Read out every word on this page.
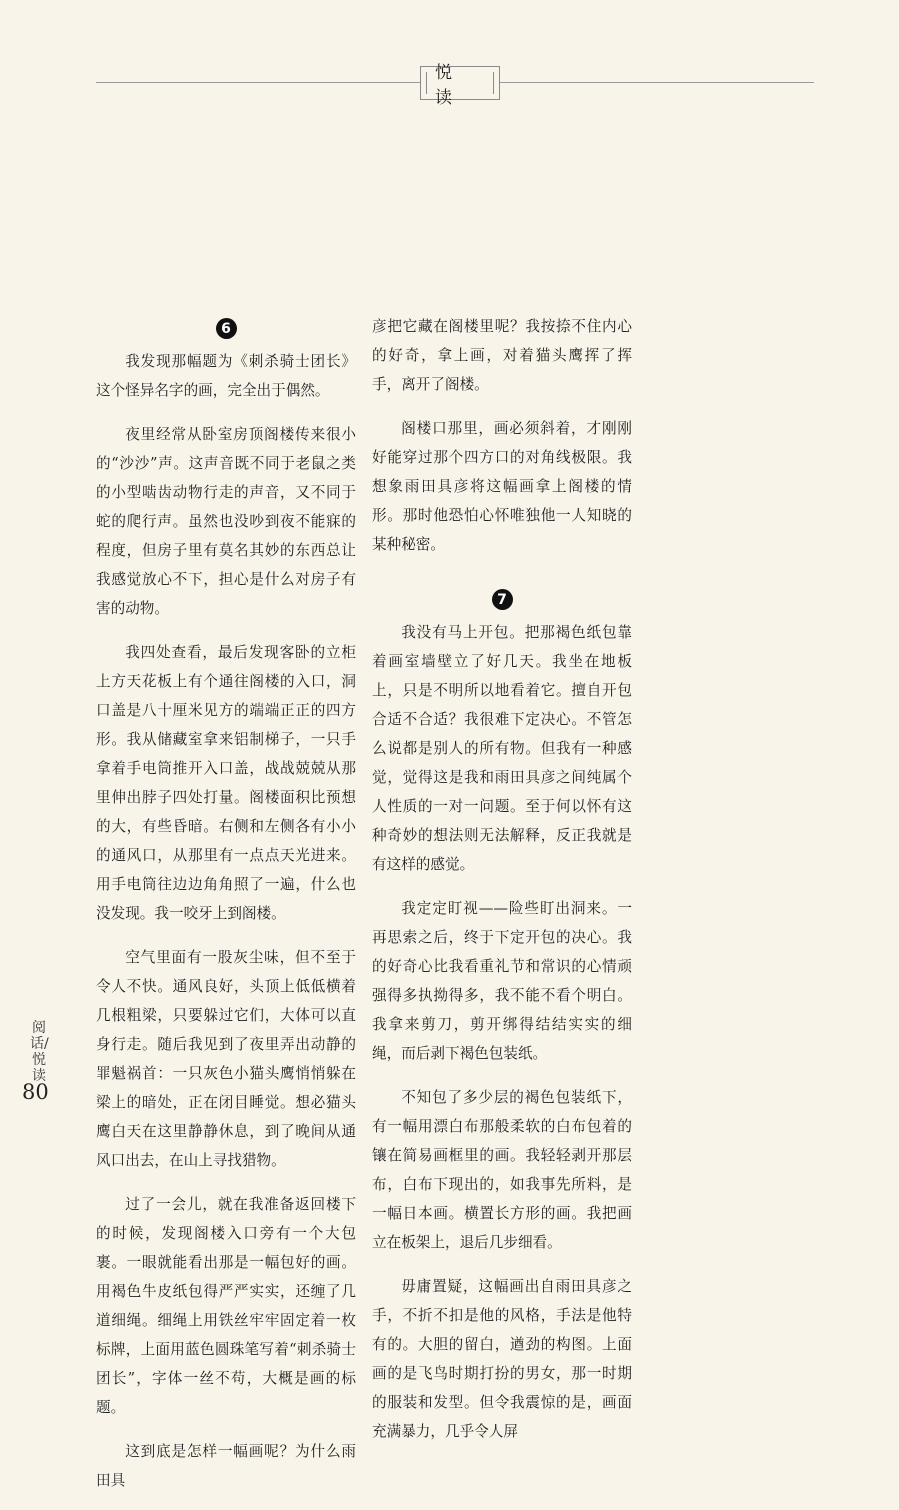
悦 读
6

我发现那幅题为《刺杀骑士团长》这个怪异名字的画，完全出于偶然。

夜里经常从卧室房顶阁楼传来很小的“沙沙”声。这声音既不同于老鼠之类的小型啮齿动物行走的声音，又不同于蛇的爬行声。虽然也没吵到夜不能寐的程度，但房子里有莫名其妙的东西总让我感觉放心不下，担心是什么对房子有害的动物。

我四处查看，最后发现客卧的立柜上方天花板上有个通往阁楼的入口，洞口盖是八十厘米见方的端端正正的四方形。我从储藏室拿来铝制梯子，一只手拿着手电筒推开入口盖，战战兢兢从那里伸出脖子四处打量。阁楼面积比预想的大，有些昏暗。右侧和左侧各有小小的通风口，从那里有一点点天光进来。用手电筒往边边角角照了一遍，什么也没发现。我一咬牙上到阁楼。

空气里面有一股灰尘味，但不至于令人不快。通风良好，头顶上低低横着几根粗梁，只要躲过它们，大体可以直身行走。随后我见到了夜里弄出动静的罪魁祸首：一只灰色小猫头鹰悄悄躲在梁上的暗处，正在闭目睡觉。想必猫头鹰白天在这里静静休息，到了晚间从通风口出去，在山上寻找猎物。

过了一会儿，就在我准备返回楼下的时候，发现阁楼入口旁有一个大包裹。一眼就能看出那是一幅包好的画。用褐色牛皮纸包得严严实实，还缠了几道细绳。细绳上用铁丝牢牢固定着一枚标牌，上面用蓝色圆珠笔写着“刺杀骑士团长”，字体一丝不苟，大概是画的标题。

这到底是怎样一幅画呢？为什么雨田具

彦把它藏在阁楼里呢？我按捺不住内心的好奇，拿上画，对着猫头鹰挥了挥手，离开了阁楼。

阁楼口那里，画必须斜着，才刚刚好能穿过那个四方口的对角线极限。我想象雨田具彦将这幅画拿上阁楼的情形。那时他恐怕心怀唯独他一人知晓的某种秘密。

7

我没有马上开包。把那褐色纸包靠着画室墙壁立了好几天。我坐在地板上，只是不明所以地看着它。擅自开包合适不合适？我很难下定决心。不管怎么说都是别人的所有物。但我有一种感觉，觉得这是我和雨田具彦之间纯属个人性质的一对一问题。至于何以怀有这种奇妙的想法则无法解释，反正我就是有这样的感觉。

我定定盯视——险些盯出洞来。一再思索之后，终于下定开包的决心。我的好奇心比我看重礼节和常识的心情顽强得多执拗得多，我不能不看个明白。我拿来剪刀，剪开绑得结结实实的细绳，而后剥下褐色包装纸。

不知包了多少层的褐色包装纸下，有一幅用漂白布那般柔软的白布包着的镶在简易画框里的画。我轻轻剥开那层布，白布下现出的，如我事先所料，是一幅日本画。横置长方形的画。我把画立在板架上，退后几步细看。

毋庸置疑，这幅画出自雨田具彦之手，不折不扣是他的风格，手法是他特有的。大胆的留白，遒劲的构图。上面画的是飞鸟时期打扮的男女，那一时期的服装和发型。但令我震惊的是，画面充满暴力，几乎令人屏

阅话/悦读
80
